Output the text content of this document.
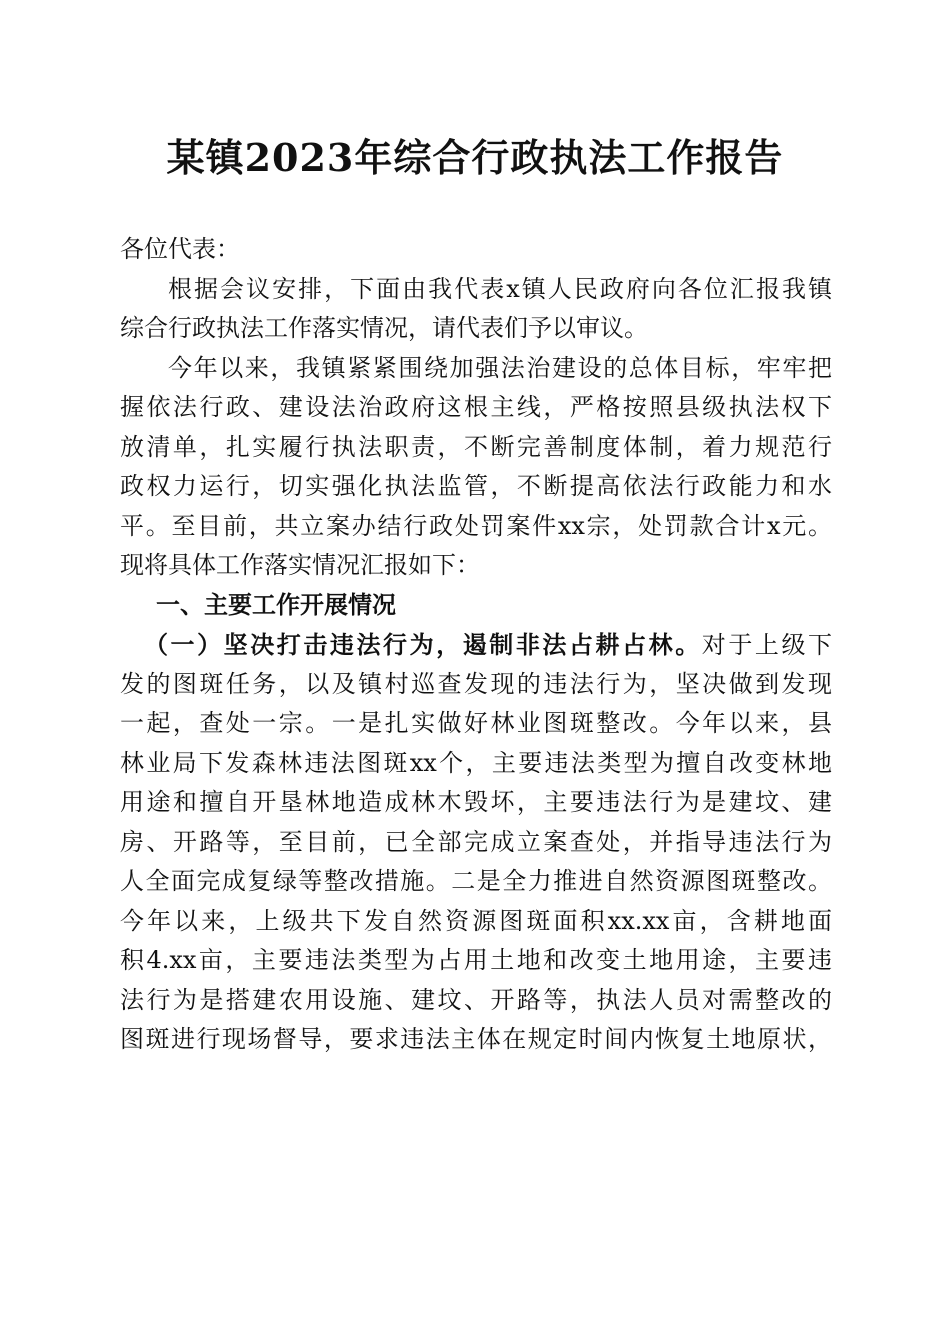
某镇2023年综合行政执法工作报告
各位代表：
根据会议安排，下面由我代表x镇人民政府向各位汇报我镇
综合行政执法工作落实情况，请代表们予以审议。
今年以来，我镇紧紧围绕加强法治建设的总体目标，牢牢把
握依法行政、建设法治政府这根主线，严格按照县级执法权下
放清单，扎实履行执法职责，不断完善制度体制，着力规范行
政权力运行，切实强化执法监管，不断提高依法行政能力和水
平。至目前，共立案办结行政处罚案件xx宗，处罚款合计x元。
现将具体工作落实情况汇报如下：
一、主要工作开展情况
（一）坚决打击违法行为，遏制非法占耕占林。对于上级下
发的图斑任务，以及镇村巡查发现的违法行为，坚决做到发现
一起，查处一宗。一是扎实做好林业图斑整改。今年以来，县
林业局下发森林违法图斑xx个，主要违法类型为擅自改变林地
用途和擅自开垦林地造成林木毁坏，主要违法行为是建坟、建
房、开路等，至目前，已全部完成立案查处，并指导违法行为
人全面完成复绿等整改措施。二是全力推进自然资源图斑整改。
今年以来，上级共下发自然资源图斑面积xx.xx亩，含耕地面
积4.xx亩，主要违法类型为占用土地和改变土地用途，主要违
法行为是搭建农用设施、建坟、开路等，执法人员对需整改的
图斑进行现场督导，要求违法主体在规定时间内恢复土地原状，
